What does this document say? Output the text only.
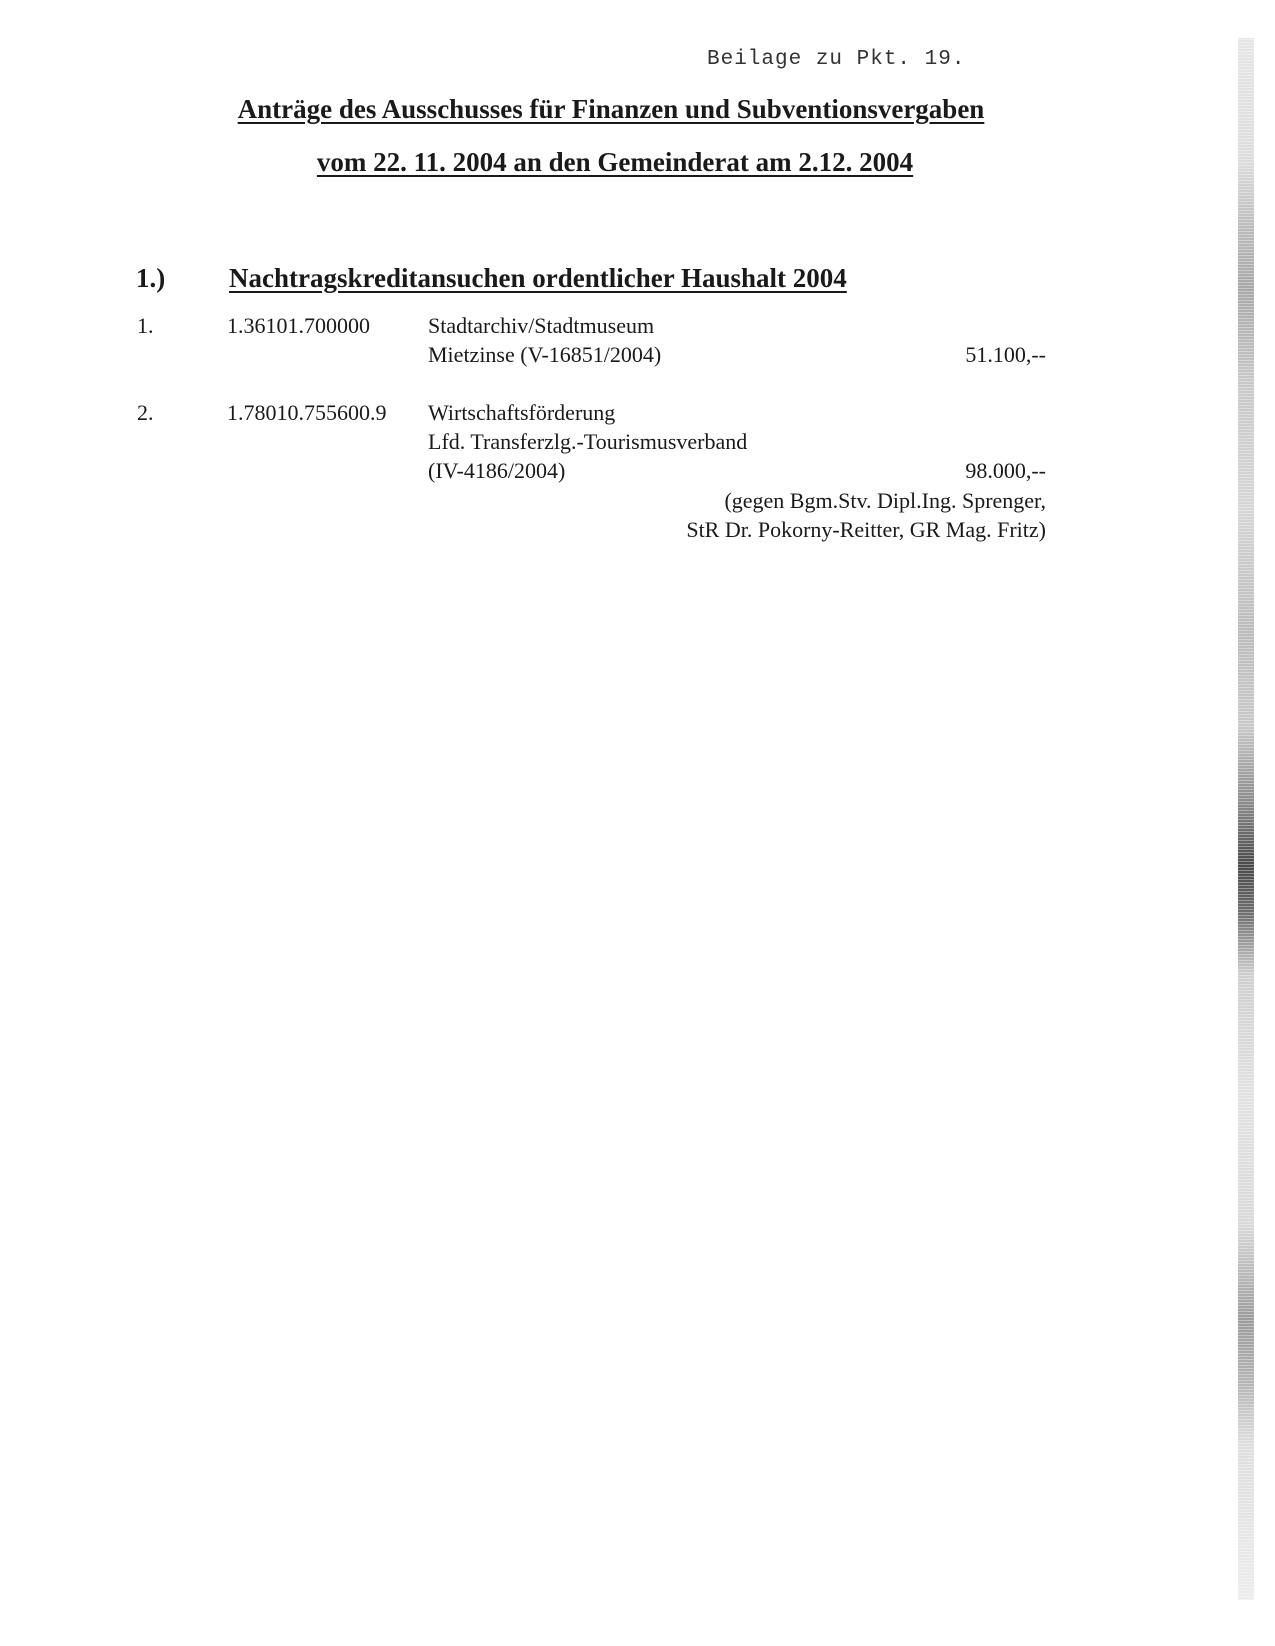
Beilage zu Pkt. 19.
Anträge des Ausschusses für Finanzen und Subventionsvergaben
vom 22. 11. 2004 an den Gemeinderat am 2.12. 2004
1.) Nachtragskreditansuchen ordentlicher Haushalt 2004
1.	1.36101.700000	Stadtarchiv/Stadtmuseum
Mietzinse (V-16851/2004)	51.100,--
2.	1.78010.755600.9 Wirtschaftsförderung
Lfd. Transferzlg.-Tourismusverband
(IV-4186/2004)	98.000,--
(gegen Bgm.Stv. Dipl.Ing. Sprenger,
StR Dr. Pokorny-Reitter, GR Mag. Fritz)
